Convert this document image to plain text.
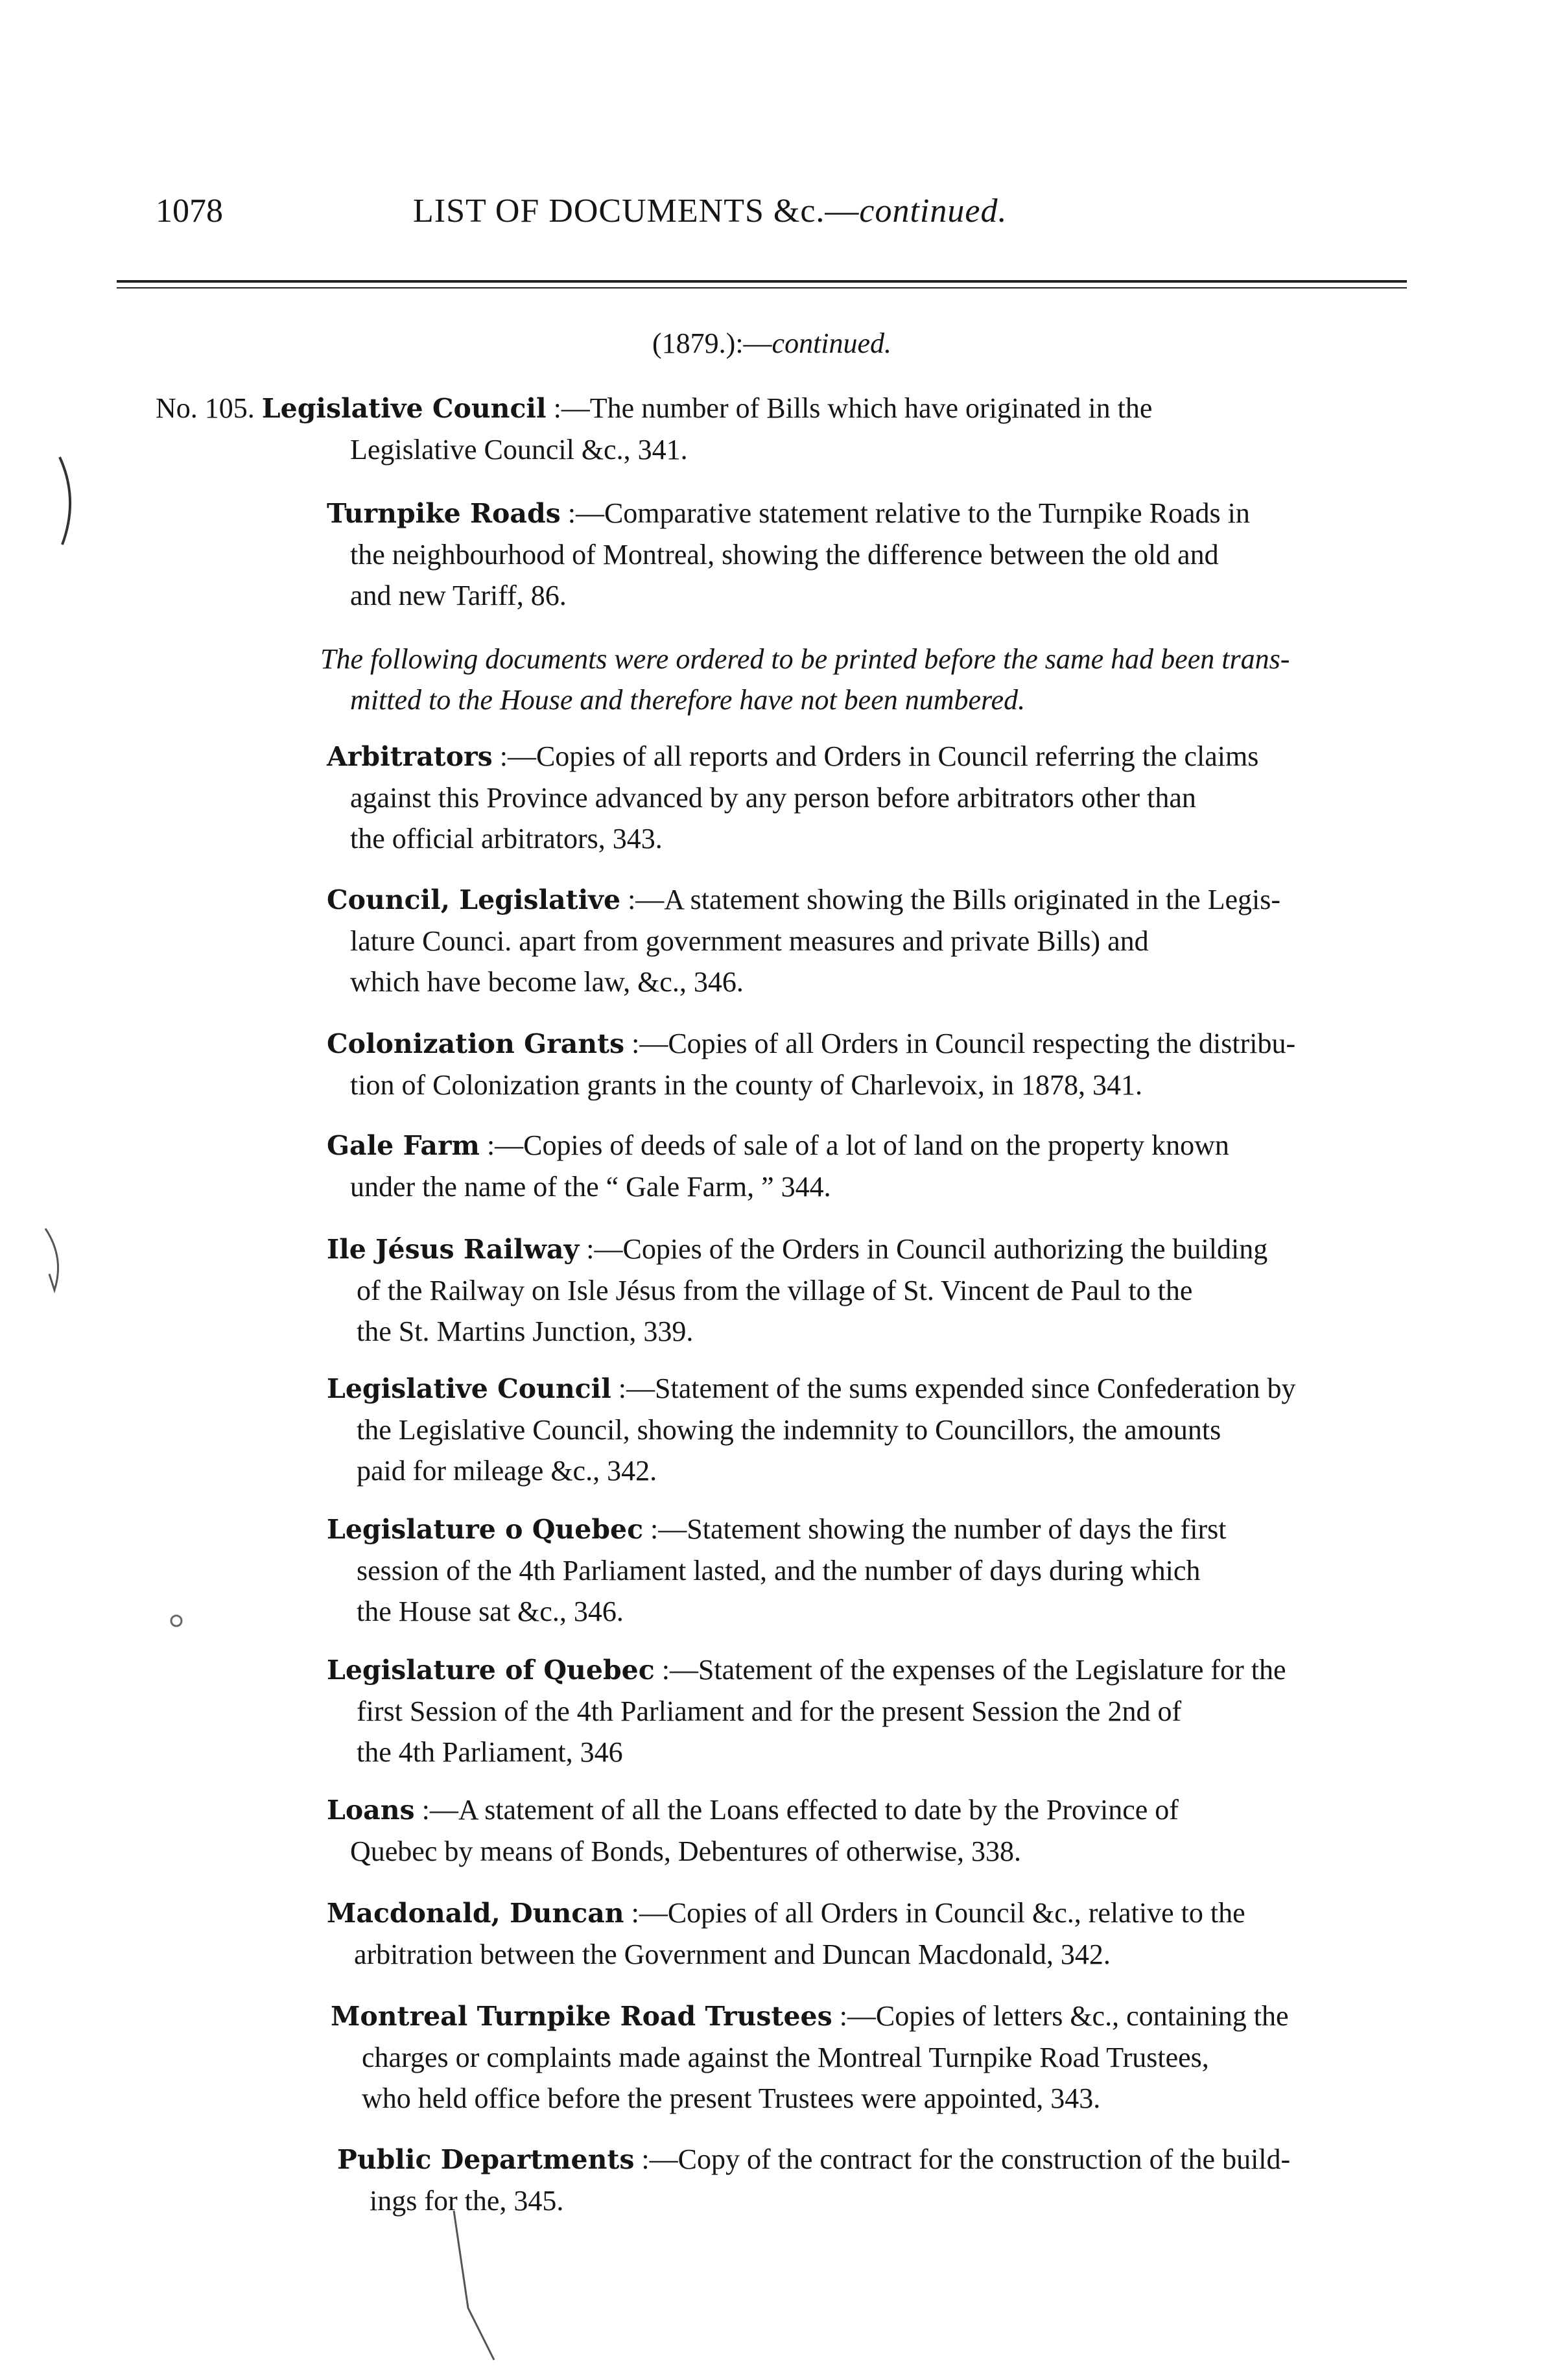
1078	LIST OF DOCUMENTS &c.—continued.
(1879.):—continued.
No. 105. Legislative Council :—The number of Bills which have originated in the
Legislative Council &c., 341.
Turnpike Roads :—Comparative statement relative to the Turnpike Roads in
the neighbourhood of Montreal, showing the difference between the old and
and new Tariff, 86.
The following documents were ordered to be printed before the same had been trans-
mitted to the House and therefore have not been numbered.
Arbitrators :—Copies of all reports and Orders in Council referring the claims
against this Province advanced by any person before arbitrators other than
the official arbitrators, 343.
Council, Legislative :—A statement showing the Bills originated in the Legis-
lature Counci. apart from government measures and private Bills) and
which have become law, &c., 346.
Colonization Grants :—Copies of all Orders in Council respecting the distribu-
tion of Colonization grants in the county of Charlevoix, in 1878, 341.
Gale Farm :—Copies of deeds of sale of a lot of land on the property known
under the name of the “ Gale Farm, ” 344.
Ile Jésus Railway :—Copies of the Orders in Council authorizing the building
of the Railway on Isle Jésus from the village of St. Vincent de Paul to the
the St. Martins Junction, 339.
Legislative Council :—Statement of the sums expended since Confederation by
the Legislative Council, showing the indemnity to Councillors, the amounts
paid for mileage &c., 342.
Legislature o Quebec :—Statement showing the number of days the first
session of the 4th Parliament lasted, and the number of days during which
the House sat &c., 346.
Legislature of Quebec :—Statement of the expenses of the Legislature for the
first Session of the 4th Parliament and for the present Session the 2nd of
the 4th Parliament, 346
Loans :—A statement of all the Loans effected to date by the Province of
Quebec by means of Bonds, Debentures of otherwise, 338.
Macdonald, Duncan :—Copies of all Orders in Council &c., relative to the
arbitration between the Government and Duncan Macdonald, 342.
Montreal Turnpike Road Trustees :—Copies of letters &c., containing the
charges or complaints made against the Montreal Turnpike Road Trustees,
who held office before the present Trustees were appointed, 343.
Public Departments :—Copy of the contract for the construction of the build-
ings for the, 345.
